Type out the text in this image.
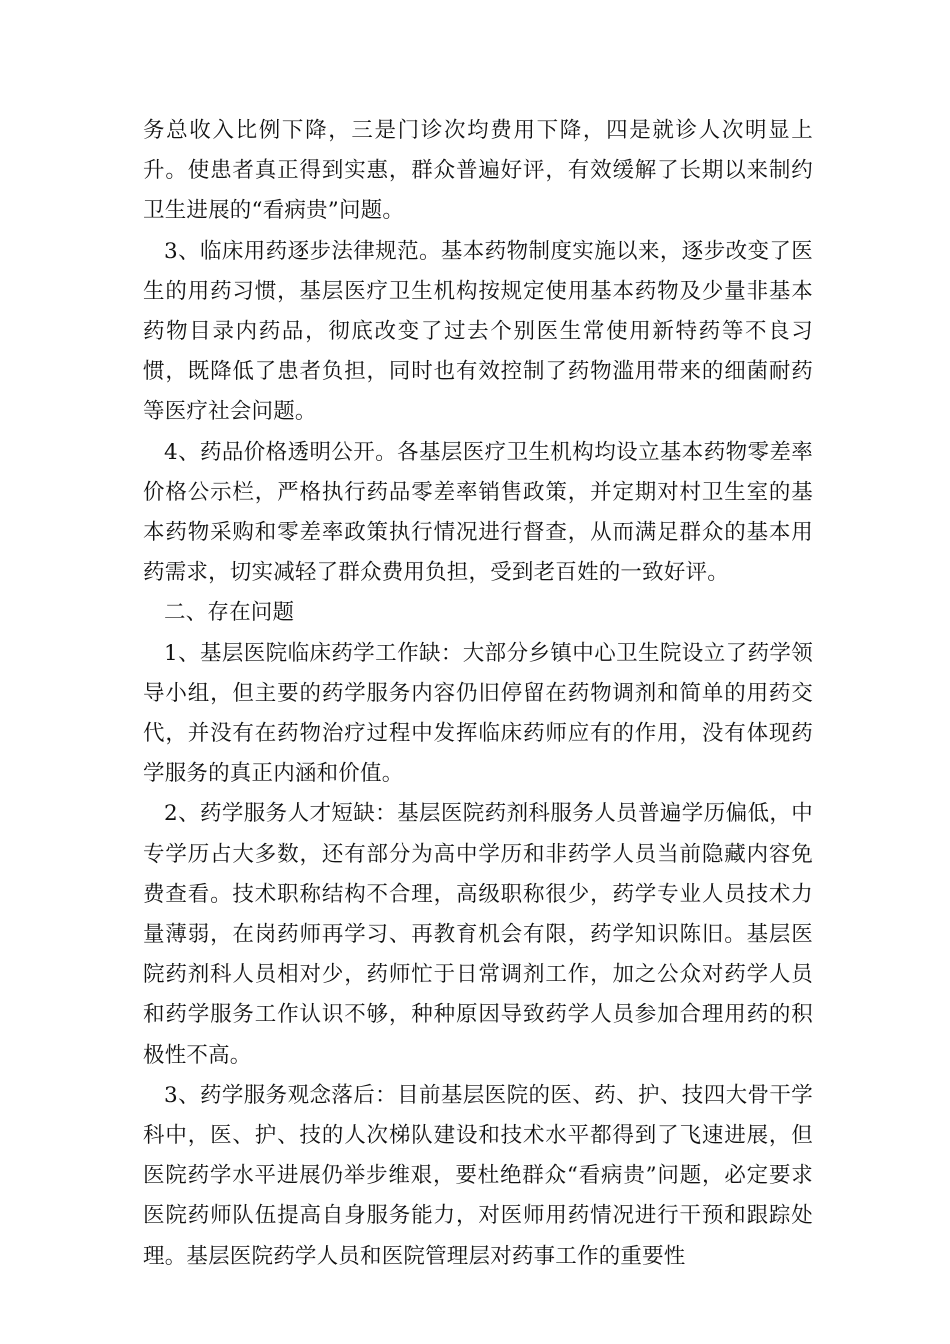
务总收入比例下降，三是门诊次均费用下降，四是就诊人次明显上升。使患者真正得到实惠，群众普遍好评，有效缓解了长期以来制约卫生进展的“看病贵”问题。

3、临床用药逐步法律规范。基本药物制度实施以来，逐步改变了医生的用药习惯，基层医疗卫生机构按规定使用基本药物及少量非基本药物目录内药品，彻底改变了过去个别医生常使用新特药等不良习惯，既降低了患者负担，同时也有效控制了药物滥用带来的细菌耐药等医疗社会问题。

4、药品价格透明公开。各基层医疗卫生机构均设立基本药物零差率价格公示栏，严格执行药品零差率销售政策，并定期对村卫生室的基本药物采购和零差率政策执行情况进行督查，从而满足群众的基本用药需求，切实减轻了群众费用负担，受到老百姓的一致好评。

二、存在问题

1、基层医院临床药学工作缺：大部分乡镇中心卫生院设立了药学领导小组，但主要的药学服务内容仍旧停留在药物调剂和简单的用药交代，并没有在药物治疗过程中发挥临床药师应有的作用，没有体现药学服务的真正内涵和价值。

2、药学服务人才短缺：基层医院药剂科服务人员普遍学历偏低，中专学历占大多数，还有部分为高中学历和非药学人员当前隐藏内容免费查看。技术职称结构不合理，高级职称很少，药学专业人员技术力量薄弱，在岗药师再学习、再教育机会有限，药学知识陈旧。基层医院药剂科人员相对少，药师忙于日常调剂工作，加之公众对药学人员和药学服务工作认识不够，种种原因导致药学人员参加合理用药的积极性不高。

3、药学服务观念落后：目前基层医院的医、药、护、技四大骨干学科中，医、护、技的人次梯队建设和技术水平都得到了飞速进展，但医院药学水平进展仍举步维艰，要杜绝群众“看病贵”问题，必定要求医院药师队伍提高自身服务能力，对医师用药情况进行干预和跟踪处理。基层医院药学人员和医院管理层对药事工作的重要性
